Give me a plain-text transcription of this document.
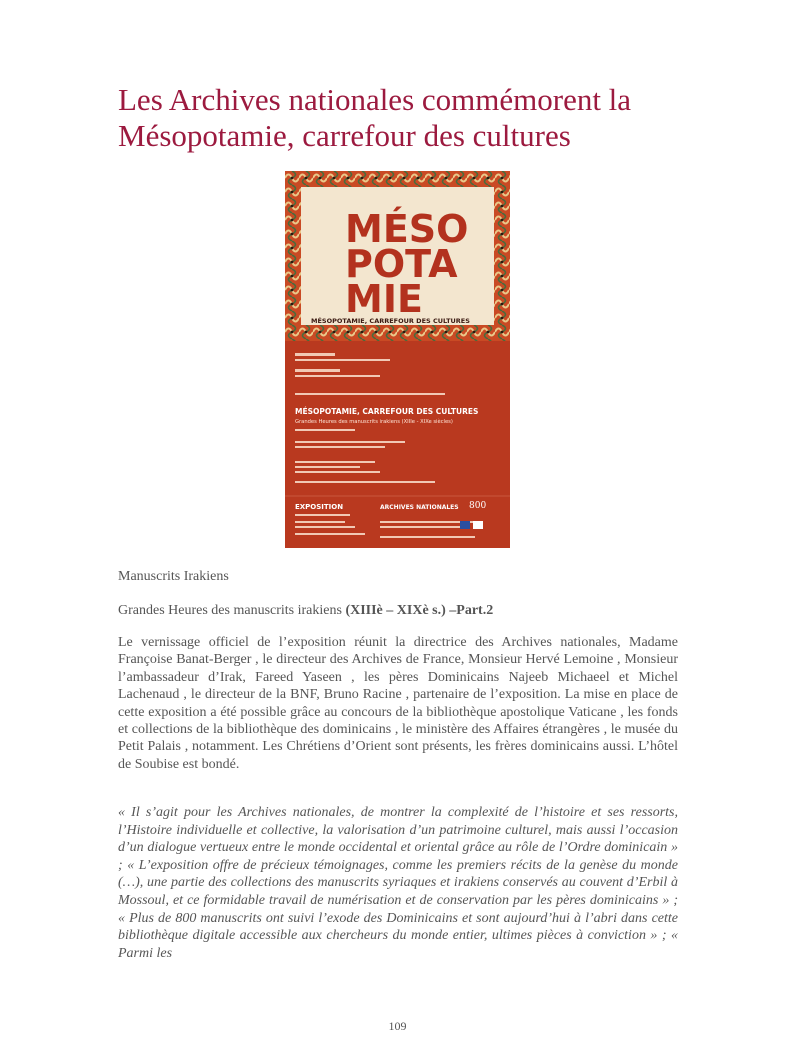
Les Archives nationales commémorent la Mésopotamie, carrefour des cultures
MÉSO
POTA
MIE
MÉSOPOTAMIE, CARREFOUR DES CULTURES
MÉSOPOTAMIE, CARREFOUR DES CULTURES
Grandes Heures des manuscrits irakiens (XIIIe - XIXe siècles)
EXPOSITION	ARCHIVES NATIONALES 800

Manuscrits Irakiens

Grandes Heures des manuscrits irakiens (XIIIè – XIXè s.) –Part.2

Le vernissage officiel de l’exposition réunit la directrice des Archives nationales, Madame Françoise Banat-Berger , le directeur des Archives de France, Monsieur Hervé Lemoine , Monsieur l’ambassadeur d’Irak, Fareed Yaseen , les pères Dominicains Najeeb Michaeel et Michel Lachenaud , le directeur de la BNF, Bruno Racine , partenaire de l’exposition. La mise en place de cette exposition a été possible grâce au concours de la bibliothèque apostolique Vaticane , les fonds et collections de la bibliothèque des dominicains , le ministère des Affaires étrangères , le musée du Petit Palais , notamment. Les Chrétiens d’Orient sont présents, les frères dominicains aussi. L’hôtel de Soubise est bondé.

« Il s’agit pour les Archives nationales, de montrer la complexité de l’histoire et ses ressorts, l’Histoire individuelle et collective, la valorisation d’un patrimoine culturel, mais aussi l’occasion d’un dialogue vertueux entre le monde occidental et oriental grâce au rôle de l’Ordre dominicain » ; « L’exposition offre de précieux témoignages, comme les premiers récits de la genèse du monde (…), une partie des collections des manuscrits syriaques et irakiens conservés au couvent d’Erbil à Mossoul, et ce formidable travail de numérisation et de conservation par les pères dominicains » ; « Plus de 800 manuscrits ont suivi l’exode des Dominicains et sont aujourd’hui à l’abri dans cette bibliothèque digitale accessible aux chercheurs du monde entier, ultimes pièces à conviction » ; « Parmi les

109
